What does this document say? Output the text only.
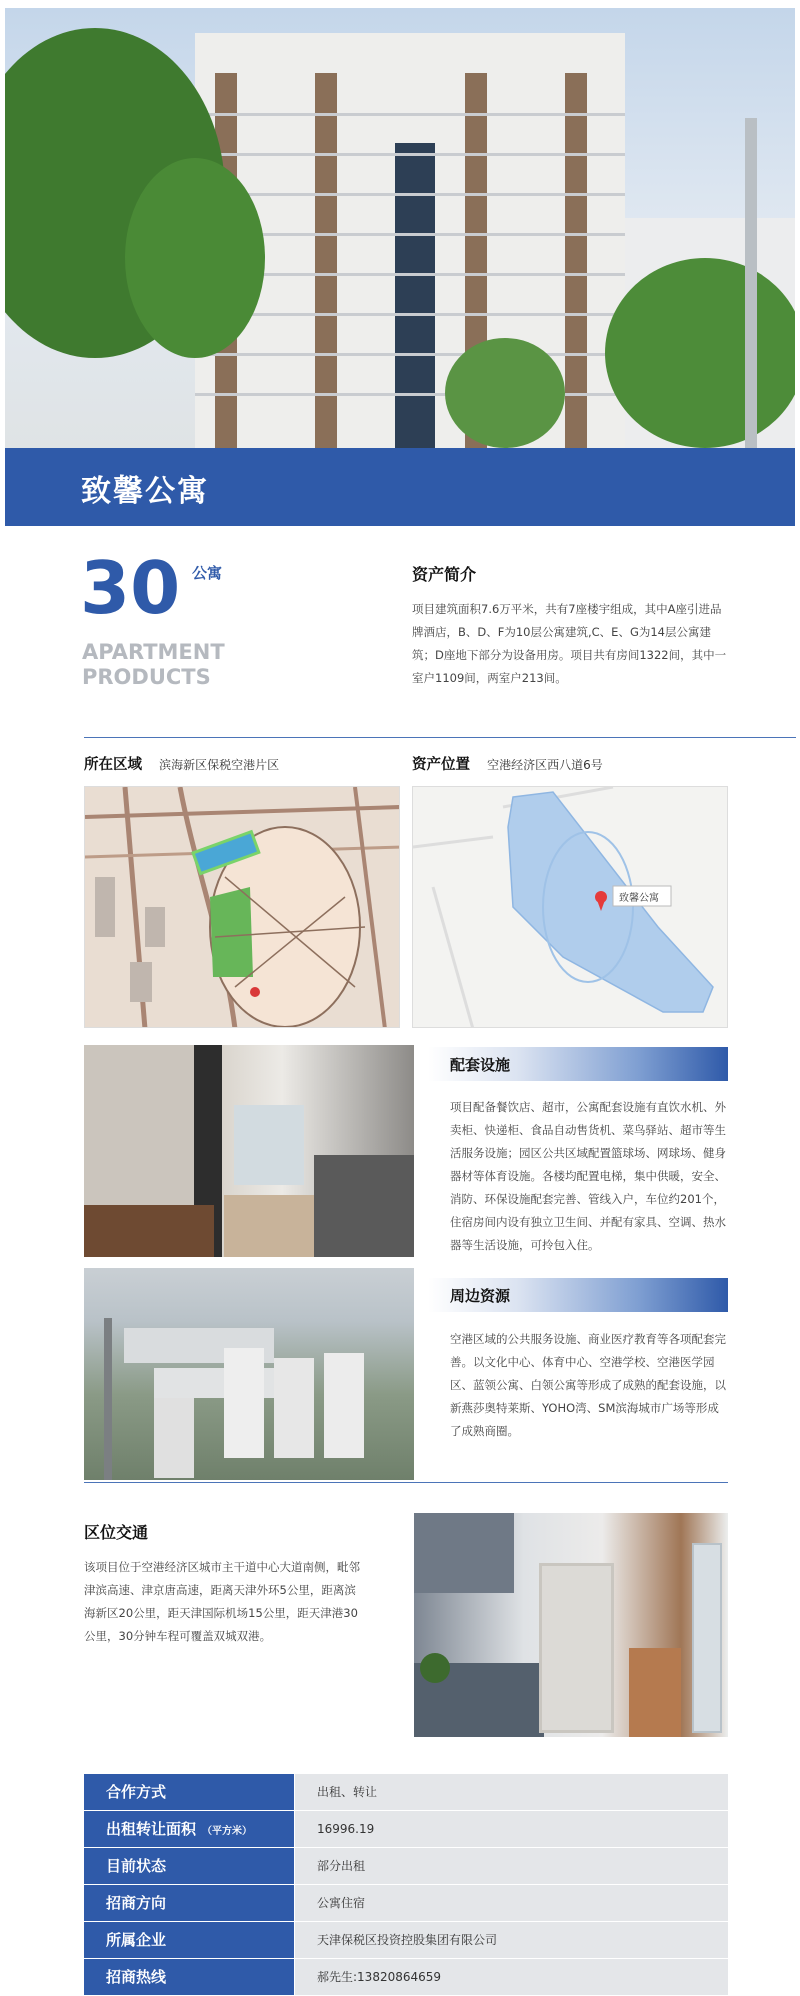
致馨公寓
30 公寓
APARTMENT
PRODUCTS
资产简介
项目建筑面积7.6万平米，共有7座楼宇组成，其中A座引进品牌酒店，B、D、F为10层公寓建筑,C、E、G为14层公寓建筑；D座地下部分为设备用房。项目共有房间1322间，其中一室户1109间，两室户213间。
所在区域 滨海新区保税空港片区	资产位置 空港经济区西八道6号
致馨公寓
配套设施
项目配备餐饮店、超市，公寓配套设施有直饮水机、外卖柜、快递柜、食品自动售货机、菜鸟驿站、超市等生活服务设施；园区公共区域配置篮球场、网球场、健身器材等体育设施。各楼均配置电梯，集中供暖，安全、消防、环保设施配套完善、管线入户，车位约201个，住宿房间内设有独立卫生间、并配有家具、空调、热水器等生活设施，可拎包入住。
周边资源
空港区域的公共服务设施、商业医疗教育等各项配套完善。以文化中心、体育中心、空港学校、空港医学园区、蓝领公寓、白领公寓等形成了成熟的配套设施，以新燕莎奥特莱斯、YOHO湾、SM滨海城市广场等形成了成熟商圈。
区位交通
该项目位于空港经济区城市主干道中心大道南侧，毗邻津滨高速、津京唐高速，距离天津外环5公里，距离滨海新区20公里，距天津国际机场15公里，距天津港30公里，30分钟车程可覆盖双城双港。
合作方式	出租、转让
出租转让面积 （平方米）	16996.19
目前状态	部分出租
招商方向	公寓住宿
所属企业	天津保税区投资控股集团有限公司
招商热线	郝先生:13820864659
